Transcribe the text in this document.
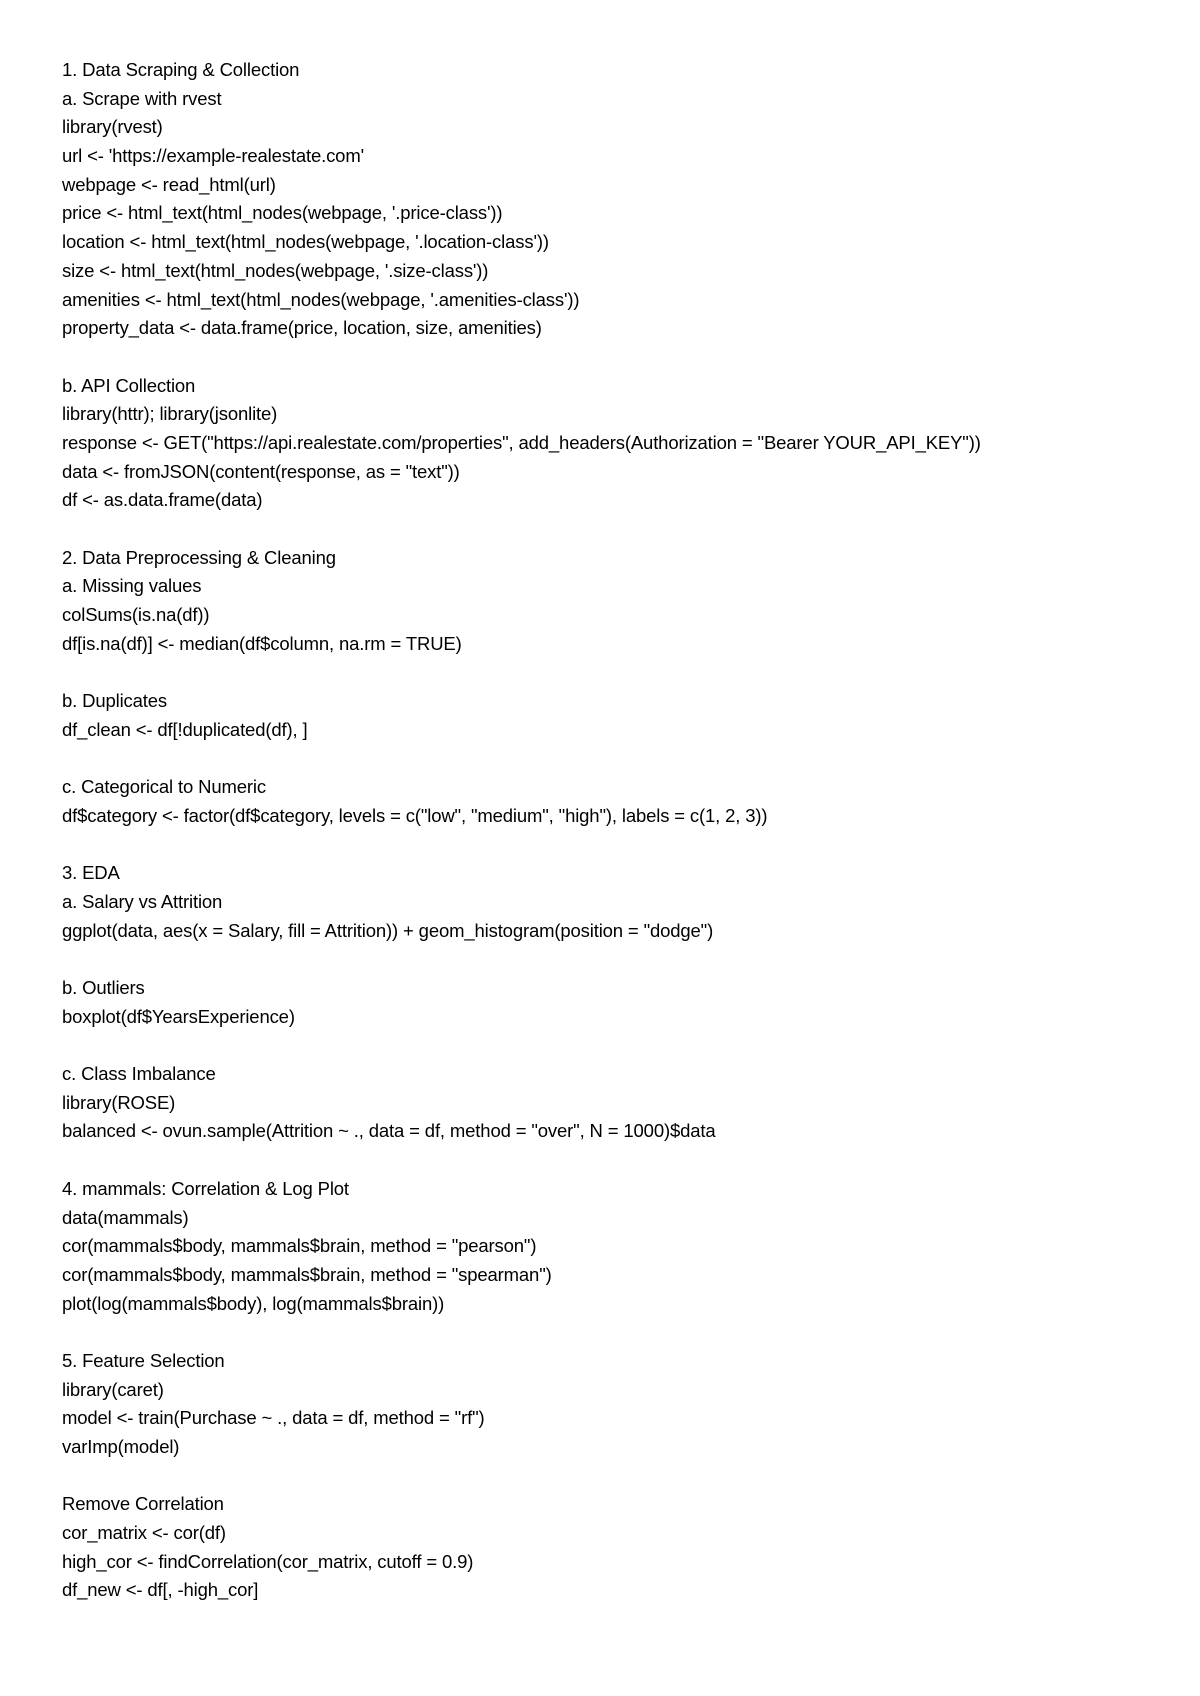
1. Data Scraping & Collection
a. Scrape with rvest
library(rvest)
url <- 'https://example-realestate.com'
webpage <- read_html(url)
price <- html_text(html_nodes(webpage, '.price-class'))
location <- html_text(html_nodes(webpage, '.location-class'))
size <- html_text(html_nodes(webpage, '.size-class'))
amenities <- html_text(html_nodes(webpage, '.amenities-class'))
property_data <- data.frame(price, location, size, amenities)
b. API Collection
library(httr); library(jsonlite)
response <- GET("https://api.realestate.com/properties", add_headers(Authorization = "Bearer YOUR_API_KEY"))
data <- fromJSON(content(response, as = "text"))
df <- as.data.frame(data)
2. Data Preprocessing & Cleaning
a. Missing values
colSums(is.na(df))
df[is.na(df)] <- median(df$column, na.rm = TRUE)
b. Duplicates
df_clean <- df[!duplicated(df), ]
c. Categorical to Numeric
df$category <- factor(df$category, levels = c("low", "medium", "high"), labels = c(1, 2, 3))
3. EDA
a. Salary vs Attrition
ggplot(data, aes(x = Salary, fill = Attrition)) + geom_histogram(position = "dodge")
b. Outliers
boxplot(df$YearsExperience)
c. Class Imbalance
library(ROSE)
balanced <- ovun.sample(Attrition ~ ., data = df, method = "over", N = 1000)$data
4. mammals: Correlation & Log Plot
data(mammals)
cor(mammals$body, mammals$brain, method = "pearson")
cor(mammals$body, mammals$brain, method = "spearman")
plot(log(mammals$body), log(mammals$brain))
5. Feature Selection
library(caret)
model <- train(Purchase ~ ., data = df, method = "rf")
varImp(model)
Remove Correlation
cor_matrix <- cor(df)
high_cor <- findCorrelation(cor_matrix, cutoff = 0.9)
df_new <- df[, -high_cor]
